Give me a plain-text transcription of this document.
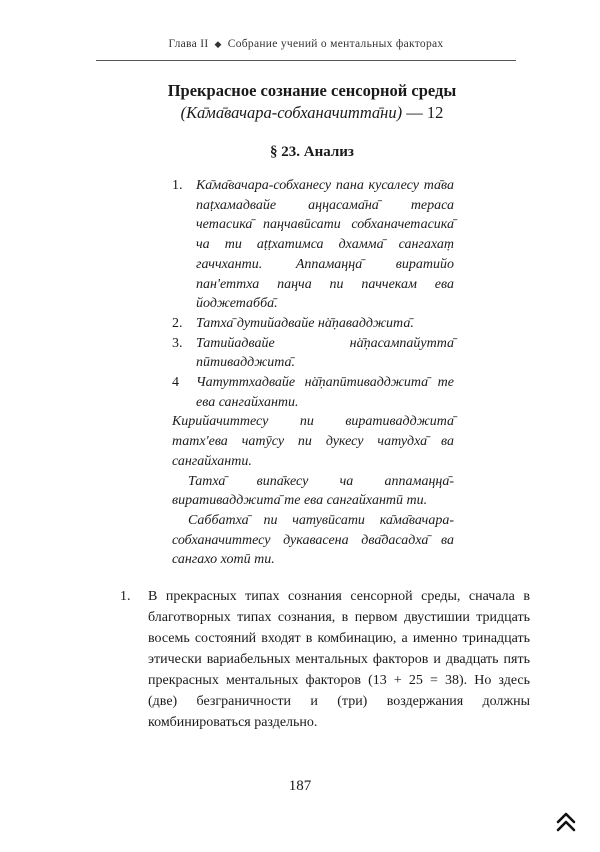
Глава II ◆ Собрание учений о ментальных факторах
Прекрасное сознание сенсорной среды
(Ка̄ма̄вачара-собханачитта̄ни) — 12
§ 23. Анализ
1. Ка̄ма̄вачара-собханесу пана кусалесу та̄ва паṭхамадвайе аңңасама̄на̄ тераса четасика̄ паңчавӣсати собханачетасика̄ ча ти аṭṭхатимса дхамма̄ сангахаṃ гаччханти. Аппамаңңа̄ виратийо пан'еттха паңча пи паччекам ева йоджетабба̄.
2. Татха̄ дутийадвайе н̇а̄ṇавадджита̄.
3. Татийадвайе н̇а̄ṇасампайутта̄ пӣтивадджита̄.
4	Чатуттхадвайе н̇а̄ṇапӣтивадджита̄ те ева сангайханти.

Кирийачиттесу пи виративадджита̄ татх'ева чатӯсу пи дукесу чатудха̄ ва сангайханти.

Татха̄ випа̄кесу ча аппамаңңа̄-виративадджита̄ те ева сангайхантӣ ти.

Саббатха̄ пи чатувӣсати ка̄ма̄вачара-собханачиттесу дукавасена два̄дасадха̄ ва сангахо хотӣ ти.

1.	В прекрасных типах сознания сенсорной среды, сначала в благотворных типах сознания, в первом двустишии тридцать восемь состояний входят в комбинацию, а именно тринадцать этически вариабельных ментальных факторов и двадцать пять прекрасных ментальных факторов (13 + 25 = 38). Но здесь (две) безграничности и (три) воздержания должны комбинироваться раздельно.
187
